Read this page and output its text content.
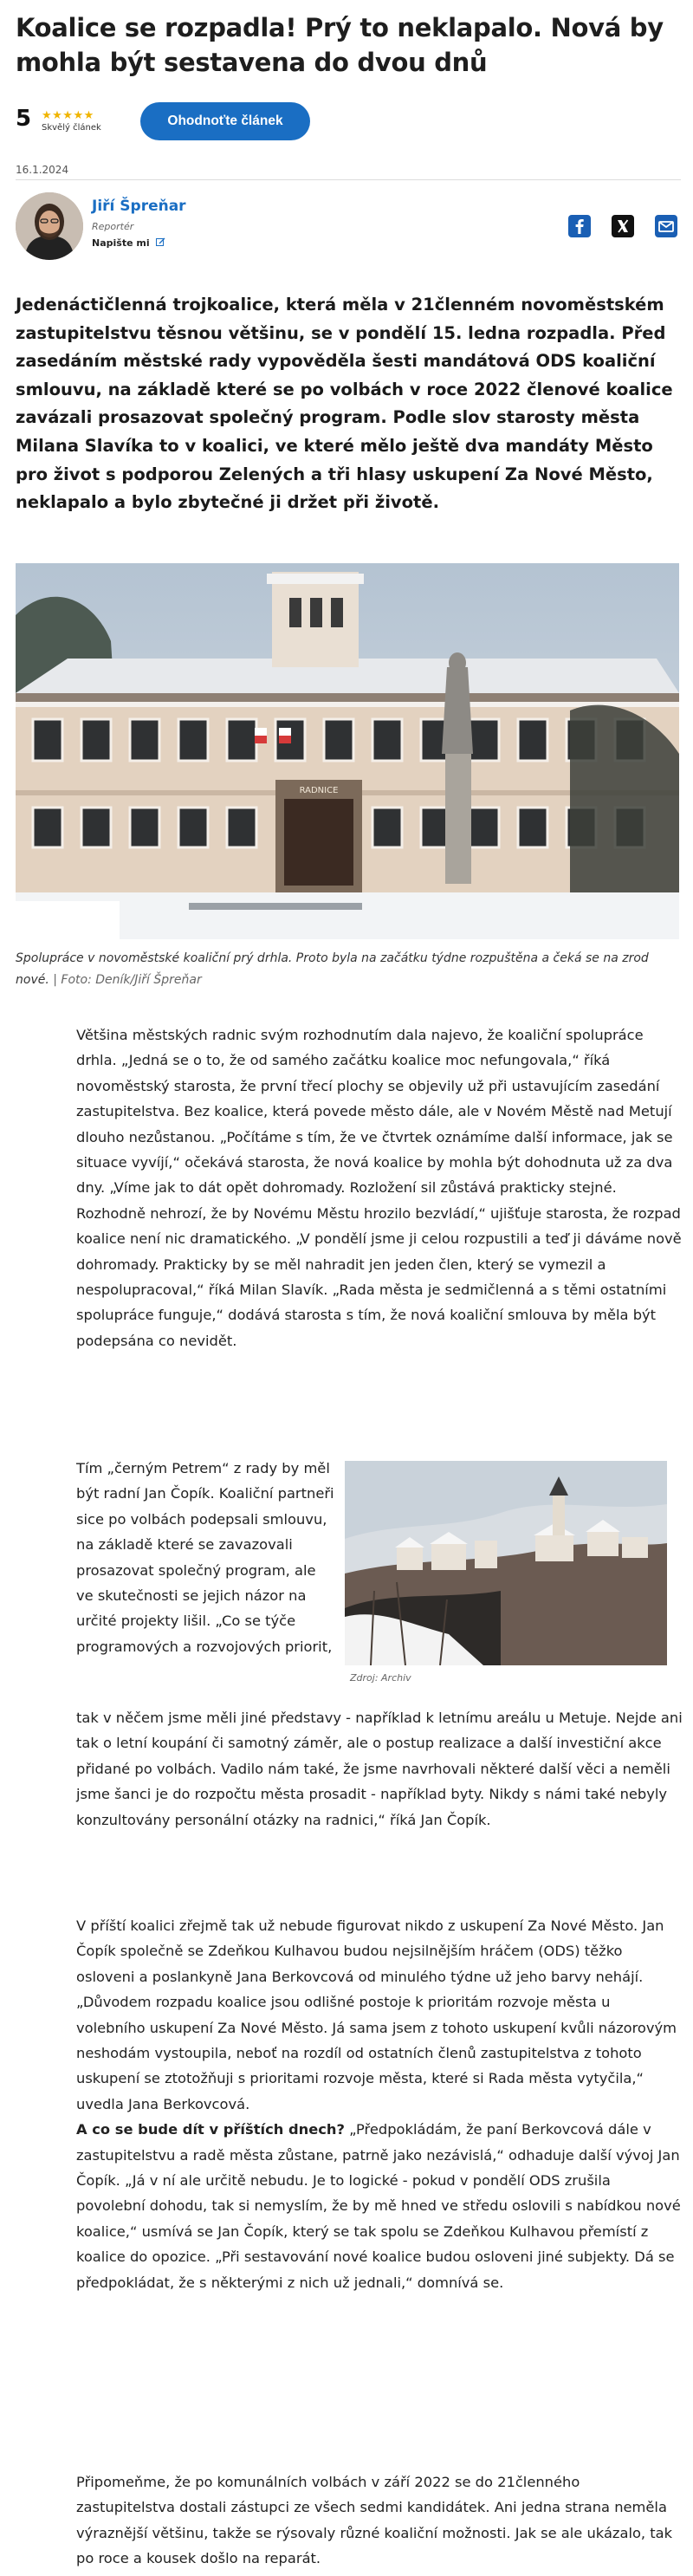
Koalice se rozpadla! Prý to neklapalo. Nová by mohla být sestavena do dvou dnů
5 ★★★★★
Skvělý článek	Ohodnoťte článek
16.1.2024
Jiří Špreňar
Reportér
Napište mi

Jedenáctičlenná trojkoalice, která měla v 21členném novoměstském zastupitelstvu těsnou většinu, se v pondělí 15. ledna rozpadla. Před zasedáním městské rady vypověděla šesti mandátová ODS koaliční smlouvu, na základě které se po volbách v roce 2022 členové koalice zavázali prosazovat společný program. Podle slov starosty města Milana Slavíka to v koalici, ve které mělo ještě dva mandáty Město pro život s podporou Zelených a tři hlasy uskupení Za Nové Město, neklapalo a bylo zbytečné ji držet při životě.

RADNICE
Spolupráce v novoměstské koaliční prý drhla. Proto byla na začátku týdne rozpuštěna a čeká se na zrod nové. | Foto: Deník/Jiří Špreňar

Většina městských radnic svým rozhodnutím dala najevo, že koaliční spolupráce drhla. „Jedná se o to, že od samého začátku koalice moc nefungovala,“ říká novoměstský starosta, že první třecí plochy se objevily už při ustavujícím zasedání zastupitelstva. Bez koalice, která povede město dále, ale v Novém Městě nad Metují dlouho nezůstanou. „Počítáme s tím, že ve čtvrtek oznámíme další informace, jak se situace vyvíjí,“ očekává starosta, že nová koalice by mohla být dohodnuta už za dva dny. „Víme jak to dát opět dohromady. Rozložení sil zůstává prakticky stejné. Rozhodně nehrozí, že by Novému Městu hrozilo bezvládí,“ ujišťuje starosta, že rozpad koalice není nic dramatického. „V pondělí jsme ji celou rozpustili a teď ji dáváme nově dohromady. Prakticky by se měl nahradit jen jeden člen, který se vymezil a nespolupracoval,“ říká Milan Slavík. „Rada města je sedmičlenná a s těmi ostatními spolupráce funguje,“ dodává starosta s tím, že nová koaliční smlouva by měla být podepsána co nevidět.

Tím „černým Petrem“ z rady by měl být radní Jan Čopík. Koaliční partneři sice po volbách podepsali smlouvu, na základě které se zavazovali prosazovat společný program, ale ve skutečnosti se jejich názor na určité projekty lišil. „Co se týče programových a rozvojových priorit,

Zdroj: Archiv

tak v něčem jsme měli jiné představy - například k letnímu areálu u Metuje. Nejde ani tak o letní koupání či samotný záměr, ale o postup realizace a další investiční akce přidané po volbách. Vadilo nám také, že jsme navrhovali některé další věci a neměli jsme šanci je do rozpočtu města prosadit - například byty. Nikdy s námi také nebyly konzultovány personální otázky na radnici,“ říká Jan Čopík.

V příští koalici zřejmě tak už nebude figurovat nikdo z uskupení Za Nové Město. Jan Čopík společně se Zdeňkou Kulhavou budou nejsilnějším hráčem (ODS) těžko osloveni a poslankyně Jana Berkovcová od minulého týdne už jeho barvy nehájí. „Důvodem rozpadu koalice jsou odlišné postoje k prioritám rozvoje města u volebního uskupení Za Nové Město. Já sama jsem z tohoto uskupení kvůli názorovým neshodám vystoupila, neboť na rozdíl od ostatních členů zastupitelstva z tohoto uskupení se ztotožňuji s prioritami rozvoje města, které si Rada města vytyčila,“ uvedla Jana Berkovcová.
A co se bude dít v příštích dnech? „Předpokládám, že paní Berkovcová dále v zastupitelstvu a radě města zůstane, patrně jako nezávislá,“ odhaduje další vývoj Jan Čopík. „Já v ní ale určitě nebudu. Je to logické - pokud v pondělí ODS zrušila povolební dohodu, tak si nemyslím, že by mě hned ve středu oslovili s nabídkou nové koalice,“ usmívá se Jan Čopík, který se tak spolu se Zdeňkou Kulhavou přemístí z koalice do opozice. „Při sestavování nové koalice budou osloveni jiné subjekty. Dá se předpokládat, že s některými z nich už jednali,“ domnívá se.

Připomeňme, že po komunálních volbách v září 2022 se do 21členného zastupitelstva dostali zástupci ze všech sedmi kandidátek. Ani jedna strana neměla výraznější většinu, takže se rýsovaly různé koaliční možnosti. Jak se ale ukázalo, tak po roce a kousek došlo na reparát.
